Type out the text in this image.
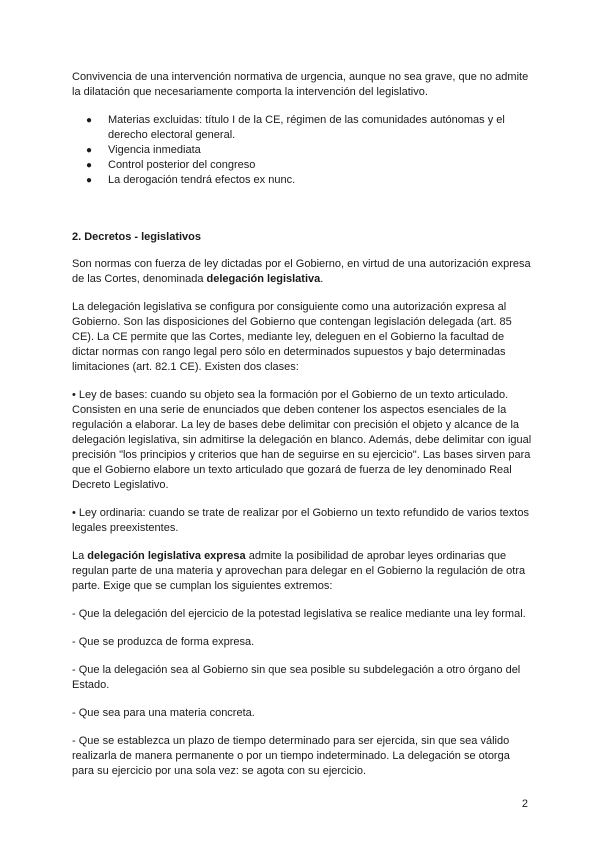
Convivencia de una intervención normativa de urgencia, aunque no sea grave, que no admite la dilatación que necesariamente comporta la intervención del legislativo.

● Materias excluidas: título I de la CE, régimen de las comunidades autónomas y el derecho electoral general.
● Vigencia inmediata
● Control posterior del congreso
● La derogación tendrá efectos ex nunc.
2. Decretos - legislativos

Son normas con fuerza de ley dictadas por el Gobierno, en virtud de una autorización expresa de las Cortes, denominada delegación legislativa.

La delegación legislativa se configura por consiguiente como una autorización expresa al Gobierno. Son las disposiciones del Gobierno que contengan legislación delegada (art. 85 CE). La CE permite que las Cortes, mediante ley, deleguen en el Gobierno la facultad de dictar normas con rango legal pero sólo en determinados supuestos y bajo determinadas limitaciones (art. 82.1 CE). Existen dos clases:

• Ley de bases: cuando su objeto sea la formación por el Gobierno de un texto articulado. Consisten en una serie de enunciados que deben contener los aspectos esenciales de la regulación a elaborar. La ley de bases debe delimitar con precisión el objeto y alcance de la delegación legislativa, sin admitirse la delegación en blanco. Además, debe delimitar con igual precisión "los principios y criterios que han de seguirse en su ejercicio". Las bases sirven para que el Gobierno elabore un texto articulado que gozará de fuerza de ley denominado Real Decreto Legislativo.

• Ley ordinaria: cuando se trate de realizar por el Gobierno un texto refundido de varios textos legales preexistentes.

La delegación legislativa expresa admite la posibilidad de aprobar leyes ordinarias que regulan parte de una materia y aprovechan para delegar en el Gobierno la regulación de otra parte. Exige que se cumplan los siguientes extremos:

- Que la delegación del ejercicio de la potestad legislativa se realice mediante una ley formal.

- Que se produzca de forma expresa.

- Que la delegación sea al Gobierno sin que sea posible su subdelegación a otro órgano del Estado.

- Que sea para una materia concreta.

- Que se establezca un plazo de tiempo determinado para ser ejercida, sin que sea válido realizarla de manera permanente o por un tiempo indeterminado. La delegación se otorga para su ejercicio por una sola vez: se agota con su ejercicio.

2
